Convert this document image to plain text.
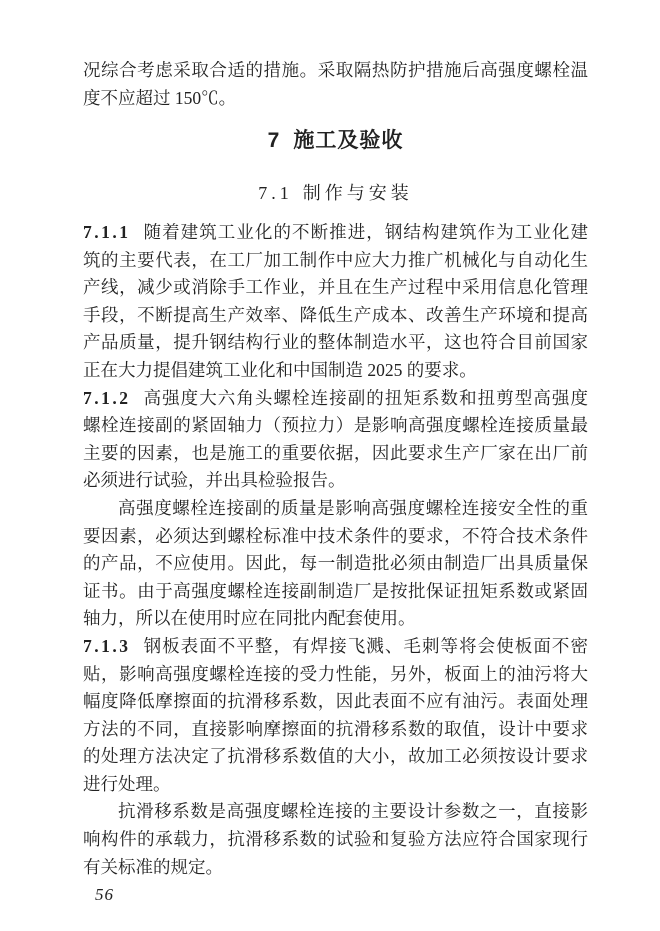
况综合考虑采取合适的措施。采取隔热防护措施后高强度螺栓温
度不应超过 150℃。
7 施工及验收
7.1 制作与安装
7.1.1 随着建筑工业化的不断推进，钢结构建筑作为工业化建
筑的主要代表，在工厂加工制作中应大力推广机械化与自动化生
产线，减少或消除手工作业，并且在生产过程中采用信息化管理
手段，不断提高生产效率、降低生产成本、改善生产环境和提高
产品质量，提升钢结构行业的整体制造水平，这也符合目前国家
正在大力提倡建筑工业化和中国制造 2025 的要求。
7.1.2 高强度大六角头螺栓连接副的扭矩系数和扭剪型高强度
螺栓连接副的紧固轴力（预拉力）是影响高强度螺栓连接质量最
主要的因素，也是施工的重要依据，因此要求生产厂家在出厂前
必须进行试验，并出具检验报告。
高强度螺栓连接副的质量是影响高强度螺栓连接安全性的重
要因素，必须达到螺栓标准中技术条件的要求，不符合技术条件
的产品，不应使用。因此，每一制造批必须由制造厂出具质量保
证书。由于高强度螺栓连接副制造厂是按批保证扭矩系数或紧固
轴力，所以在使用时应在同批内配套使用。
7.1.3 钢板表面不平整，有焊接飞溅、毛刺等将会使板面不密
贴，影响高强度螺栓连接的受力性能，另外，板面上的油污将大
幅度降低摩擦面的抗滑移系数，因此表面不应有油污。表面处理
方法的不同，直接影响摩擦面的抗滑移系数的取值，设计中要求
的处理方法决定了抗滑移系数值的大小，故加工必须按设计要求
进行处理。
抗滑移系数是高强度螺栓连接的主要设计参数之一，直接影
响构件的承载力，抗滑移系数的试验和复验方法应符合国家现行
有关标准的规定。
56
